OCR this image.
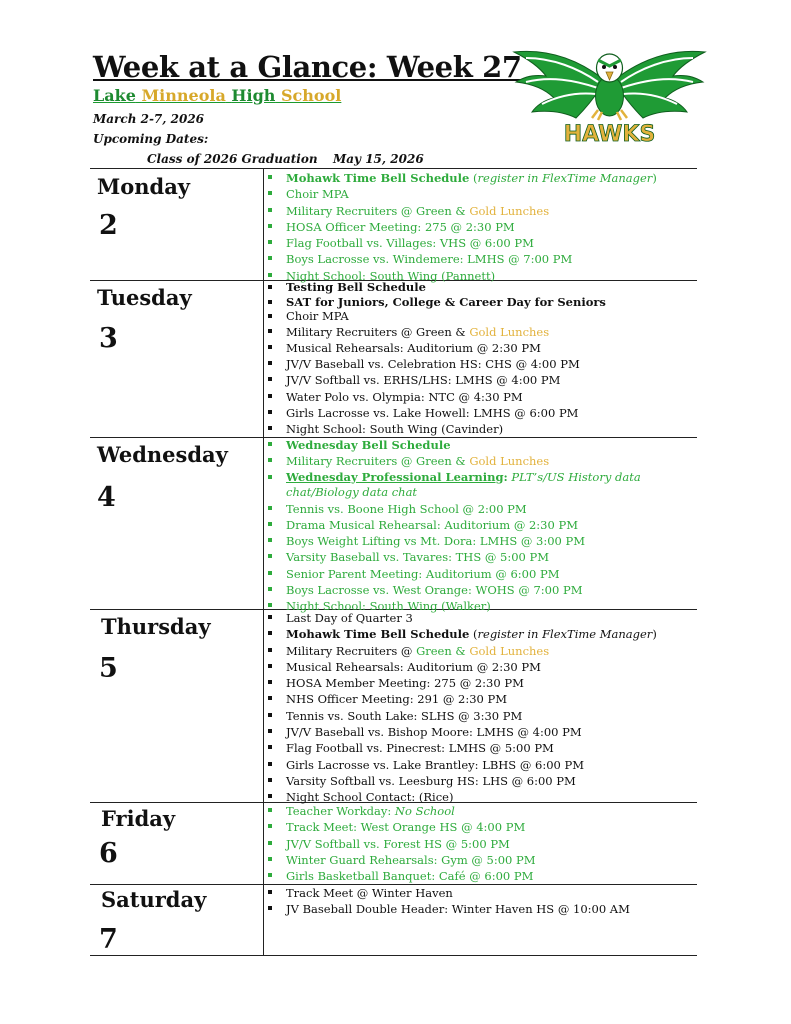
Week at a Glance: Week 27
Lake Minneola High School
March 2-7, 2026
Upcoming Dates:
Class of 2026 Graduation May 15, 2026
HAWKS
Monday
2
Mohawk Time Bell Schedule (register in FlexTime Manager)
Choir MPA
Military Recruiters @ Green & Gold Lunches
HOSA Officer Meeting: 275 @ 2:30 PM
Flag Football vs. Villages: VHS @ 6:00 PM
Boys Lacrosse vs. Windemere: LMHS @ 7:00 PM
Night School: South Wing (Pannett)
Tuesday
3
Testing Bell Schedule
SAT for Juniors, College & Career Day for Seniors
Choir MPA
Military Recruiters @ Green & Gold Lunches
Musical Rehearsals: Auditorium @ 2:30 PM
JV/V Baseball vs. Celebration HS: CHS @ 4:00 PM
JV/V Softball vs. ERHS/LHS: LMHS @ 4:00 PM
Water Polo vs. Olympia: NTC @ 4:30 PM
Girls Lacrosse vs. Lake Howell: LMHS @ 6:00 PM
Night School: South Wing (Cavinder)
Wednesday
4
Wednesday Bell Schedule
Military Recruiters @ Green & Gold Lunches
Wednesday Professional Learning: PLT’s/US History data chat/Biology data chat
Tennis vs. Boone High School @ 2:00 PM
Drama Musical Rehearsal: Auditorium @ 2:30 PM
Boys Weight Lifting vs Mt. Dora: LMHS @ 3:00 PM
Varsity Baseball vs. Tavares: THS @ 5:00 PM
Senior Parent Meeting: Auditorium @ 6:00 PM
Boys Lacrosse vs. West Orange: WOHS @ 7:00 PM
Night School: South Wing (Walker)
Thursday
5
Last Day of Quarter 3
Mohawk Time Bell Schedule (register in FlexTime Manager)
Military Recruiters @ Green & Gold Lunches
Musical Rehearsals: Auditorium @ 2:30 PM
HOSA Member Meeting: 275 @ 2:30 PM
NHS Officer Meeting: 291 @ 2:30 PM
Tennis vs. South Lake: SLHS @ 3:30 PM
JV/V Baseball vs. Bishop Moore: LMHS @ 4:00 PM
Flag Football vs. Pinecrest: LMHS @ 5:00 PM
Girls Lacrosse vs. Lake Brantley: LBHS @ 6:00 PM
Varsity Softball vs. Leesburg HS: LHS @ 6:00 PM
Night School Contact: (Rice)
Friday
6
Teacher Workday: No School
Track Meet: West Orange HS @ 4:00 PM
JV/V Softball vs. Forest HS @ 5:00 PM
Winter Guard Rehearsals: Gym @ 5:00 PM
Girls Basketball Banquet: Café @ 6:00 PM
Saturday
7
Track Meet @ Winter Haven
JV Baseball Double Header: Winter Haven HS @ 10:00 AM
